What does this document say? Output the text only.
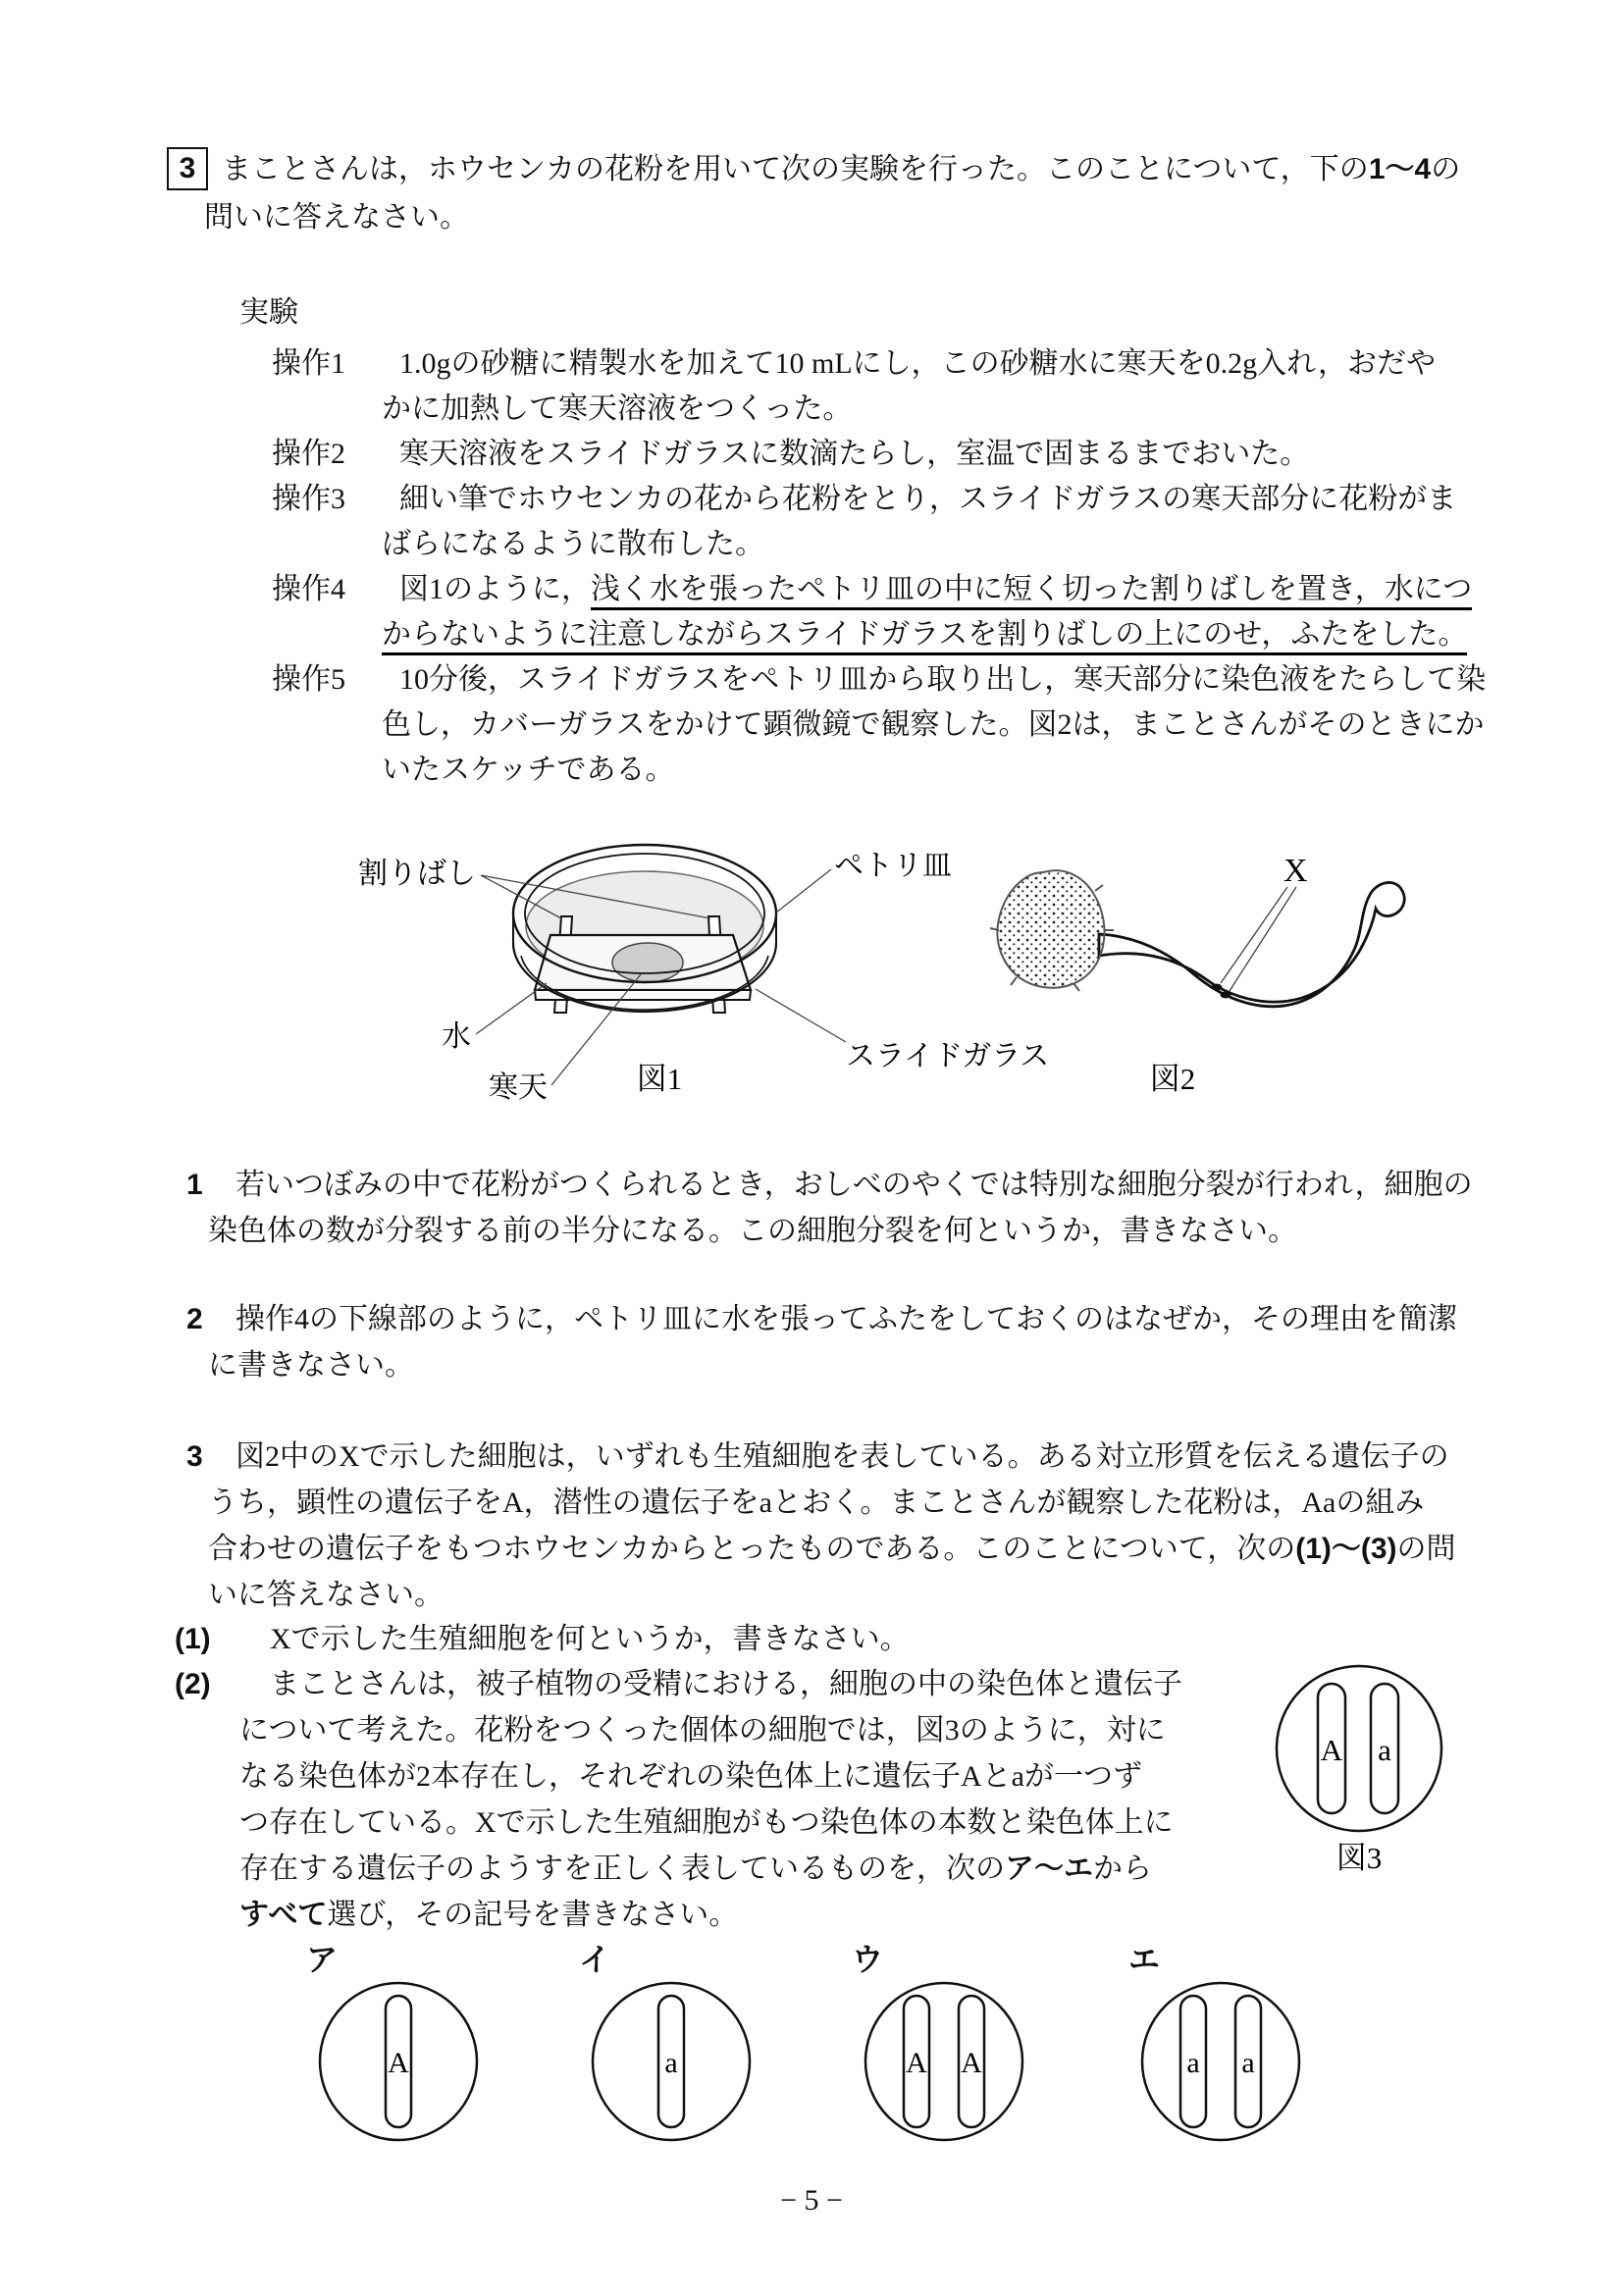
3 まことさんは，ホウセンカの花粉を用いて次の実験を行った。このことについて，下の1～4の
問いに答えなさい。
実験
操作1	1.0gの砂糖に精製水を加えて10 mLにし，この砂糖水に寒天を0.2g入れ，おだや
かに加熱して寒天溶液をつくった。
操作2	寒天溶液をスライドガラスに数滴たらし，室温で固まるまでおいた。
操作3	細い筆でホウセンカの花から花粉をとり，スライドガラスの寒天部分に花粉がま
ばらになるように散布した。
操作4	図1のように，浅く水を張ったペトリ皿の中に短く切った割りばしを置き，水につ
からないように注意しながらスライドガラスを割りばしの上にのせ，ふたをした。
操作5	10分後，スライドガラスをペトリ皿から取り出し，寒天部分に染色液をたらして染
色し，カバーガラスをかけて顕微鏡で観察した。図2は，まことさんがそのときにか
いたスケッチである。
割りばし	ペトリ皿
水
寒天
スライドガラス
図1
X
図2
1 若いつぼみの中で花粉がつくられるとき，おしべのやくでは特別な細胞分裂が行われ，細胞の
染色体の数が分裂する前の半分になる。この細胞分裂を何というか，書きなさい。
2 操作4の下線部のように，ペトリ皿に水を張ってふたをしておくのはなぜか，その理由を簡潔
に書きなさい。
3 図2中のXで示した細胞は，いずれも生殖細胞を表している。ある対立形質を伝える遺伝子の
うち，顕性の遺伝子をA，潜性の遺伝子をaとおく。まことさんが観察した花粉は，Aaの組み
合わせの遺伝子をもつホウセンカからとったものである。このことについて，次の(1)～(3)の問
いに答えなさい。
(1) Xで示した生殖細胞を何というか，書きなさい。
(2) まことさんは，被子植物の受精における，細胞の中の染色体と遺伝子
について考えた。花粉をつくった個体の細胞では，図3のように，対に
なる染色体が2本存在し，それぞれの染色体上に遺伝子Aとaが一つず
つ存在している。Xで示した生殖細胞がもつ染色体の本数と染色体上に
存在する遺伝子のようすを正しく表しているものを，次のア～エから
すべて選び，その記号を書きなさい。
A a
図3
ア
A
イ
a
ウ
A A
エ
a a
− 5 −
